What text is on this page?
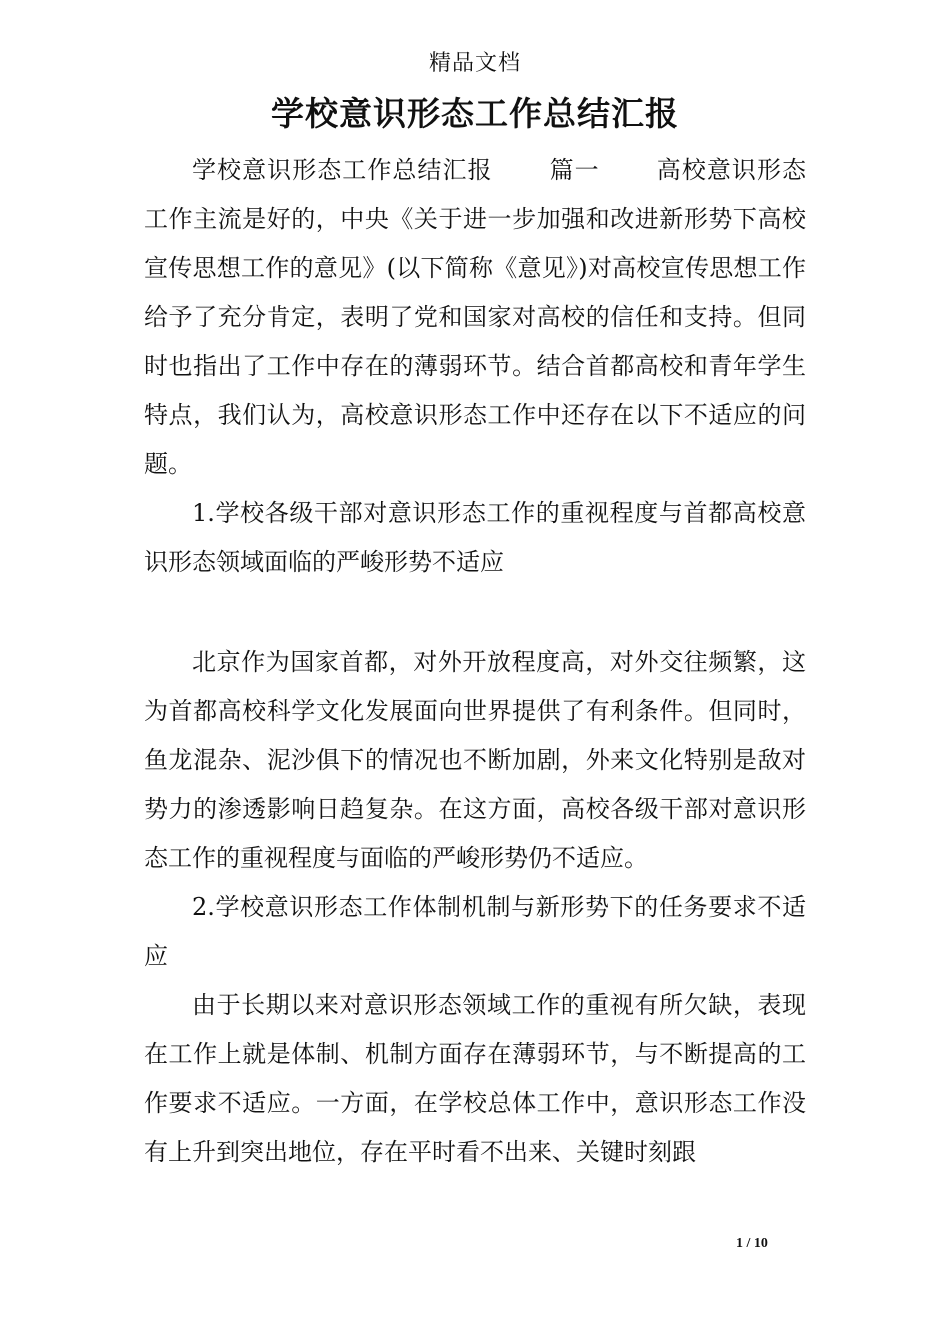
精品文档
学校意识形态工作总结汇报

学校意识形态工作总结汇报 篇一 高校意识形态工作主流是好的，中央《关于进一步加强和改进新形势下高校宣传思想工作的意见》(以下简称《意见》)对高校宣传思想工作给予了充分肯定，表明了党和国家对高校的信任和支持。但同时也指出了工作中存在的薄弱环节。结合首都高校和青年学生特点，我们认为，高校意识形态工作中还存在以下不适应的问题。

1.学校各级干部对意识形态工作的重视程度与首都高校意识形态领域面临的严峻形势不适应

北京作为国家首都，对外开放程度高，对外交往频繁，这为首都高校科学文化发展面向世界提供了有利条件。但同时，鱼龙混杂、泥沙俱下的情况也不断加剧，外来文化特别是敌对势力的渗透影响日趋复杂。在这方面，高校各级干部对意识形态工作的重视程度与面临的严峻形势仍不适应。

2.学校意识形态工作体制机制与新形势下的任务要求不适应

由于长期以来对意识形态领域工作的重视有所欠缺，表现在工作上就是体制、机制方面存在薄弱环节，与不断提高的工作要求不适应。一方面，在学校总体工作中，意识形态工作没有上升到突出地位，存在平时看不出来、关键时刻跟

1 / 10
